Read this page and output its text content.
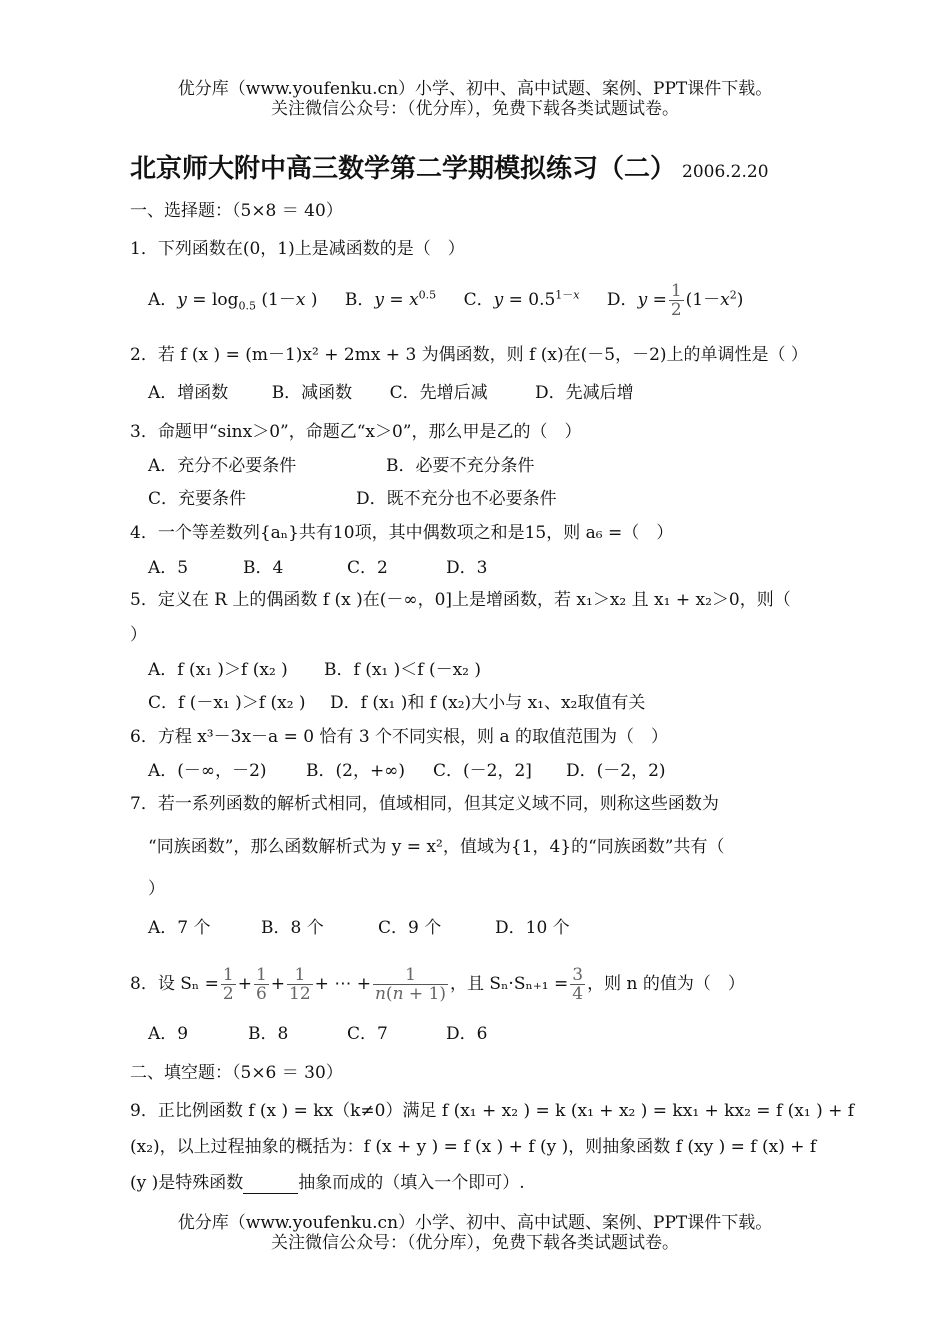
优分库（www.youfenku.cn）小学、初中、高中试题、案例、PPT课件下载。
关注微信公众号：（优分库），免费下载各类试题试卷。
北京师大附中高三数学第二学期模拟练习（二） 2006.2.20
一、选择题：（5×8 ＝ 40）
1．下列函数在(0，1)上是减函数的是（　）
A．$y = \log_{0.5} (1-x$ ) B．$y = x^{0.5}$ C．$y = 0.5^{1-x}$ D．$y = \frac{1}{2} (1-x^2)$
2．若 f (x ) = (m－1)x² + 2mx + 3 为偶函数，则 f (x)在(－5，－2)上的单调性是（ ）
A．增函数	B．减函数 C．先增后减	D．先减后增
3．命题甲“sinx＞0”，命题乙“x＞0”，那么甲是乙的（　）
A．充分不必要条件	B．必要不充分条件
C．充要条件	D．既不充分也不必要条件
4．一个等差数列{aₙ}共有10项，其中偶数项之和是15，则 a₆ =（　）
A．5	B．4	C．2	D．3
5．定义在 R 上的偶函数 f (x )在(－∞，0]上是增函数，若 x₁＞x₂ 且 x₁ + x₂＞0，则（
）
A．f (x₁ )＞f (x₂ ) B．f (x₁ )＜f (－x₂ )
C．f (－x₁ )＞f (x₂ ) D．f (x₁ )和 f (x₂)大小与 x₁、x₂取值有关
6．方程 x³－3x－a = 0 恰有 3 个不同实根，则 a 的取值范围为（　）
A．(－∞，－2) B．(2，+∞) C．(－2，2] D．(－2，2)
7．若一系列函数的解析式相同，值域相同，但其定义域不同，则称这些函数为
“同族函数”，那么函数解析式为 y = x²，值域为{1，4}的“同族函数”共有（
）
A．7 个	B．8 个	C．9 个	D．10 个
8．设 $S_n = \frac{1}{2} + \frac{1}{6} + \frac{1}{12}$ + ⋯ + $\frac{1}{n(n + 1)}$ ，且 $S_n\cdot S_{n+1} = \frac{3}{4}$ ，则 n 的值为（　）
A．9	B．8	C．7	D．6
二、填空题：（5×6 ＝ 30）
9．正比例函数 f (x ) = kx（k≠0）满足 f (x₁ + x₂ ) = k (x₁ + x₂ ) = kx₁ + kx₂ = f (x₁ ) + f
(x₂)，以上过程抽象的概括为：f (x + y ) = f (x ) + f (y )，则抽象函数 f (xy ) = f (x) + f
(y )是特殊函数	抽象而成的（填入一个即可）.
优分库（www.youfenku.cn）小学、初中、高中试题、案例、PPT课件下载。
关注微信公众号：（优分库），免费下载各类试题试卷。
